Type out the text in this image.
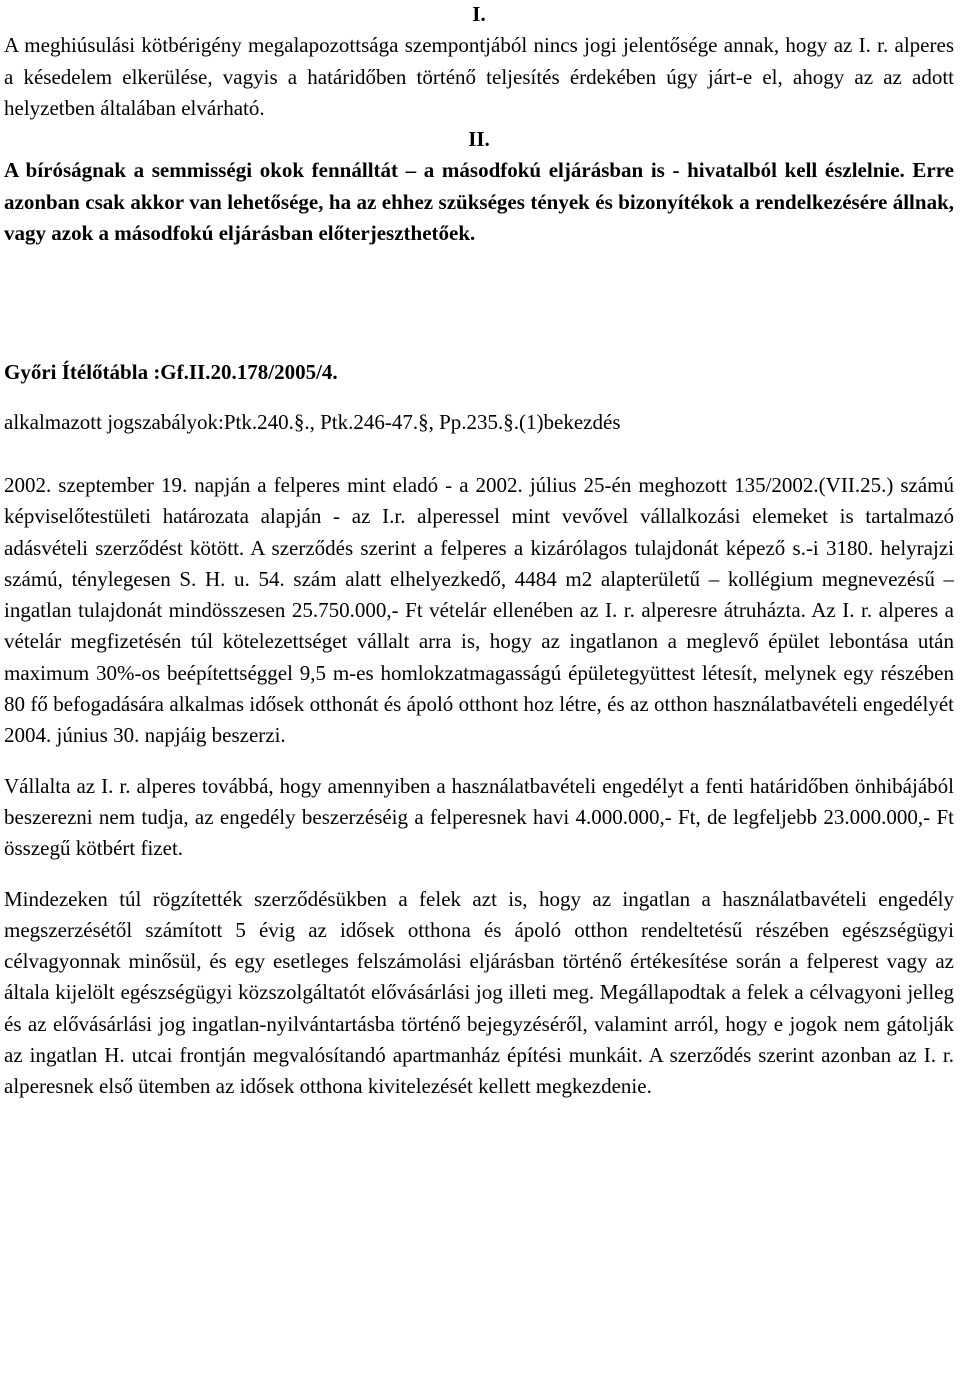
I.

A meghiúsulási kötbérigény megalapozottsága szempontjából nincs jogi jelentősége annak, hogy az I. r. alperes a késedelem elkerülése, vagyis a határidőben történő teljesítés érdekében úgy járt-e el, ahogy az az adott helyzetben általában elvárható.

II.

A bíróságnak a semmisségi okok fennálltát – a másodfokú eljárásban is - hivatalból kell észlelnie. Erre azonban csak akkor van lehetősége, ha az ehhez szükséges tények és bizonyítékok a rendelkezésére állnak, vagy azok a másodfokú eljárásban előterjeszthetőek.

Győri Ítélőtábla :Gf.II.20.178/2005/4.

alkalmazott jogszabályok:Ptk.240.§., Ptk.246-47.§, Pp.235.§.(1)bekezdés

2002. szeptember 19. napján a felperes mint eladó - a 2002. július 25-én meghozott 135/2002.(VII.25.) számú képviselőtestületi határozata alapján - az I.r. alperessel mint vevővel vállalkozási elemeket is tartalmazó adásvételi szerződést kötött. A szerződés szerint a felperes a kizárólagos tulajdonát képező s.-i 3180. helyrajzi számú, ténylegesen S. H. u. 54. szám alatt elhelyezkedő, 4484 m2 alapterületű – kollégium megnevezésű – ingatlan tulajdonát mindösszesen 25.750.000,- Ft vételár ellenében az I. r. alperesre átruházta. Az I. r. alperes a vételár megfizetésén túl kötelezettséget vállalt arra is, hogy az ingatlanon a meglevő épület lebontása után maximum 30%-os beépítettséggel 9,5 m-es homlokzatmagasságú épületegyüttest létesít, melynek egy részében 80 fő befogadására alkalmas idősek otthonát és ápoló otthont hoz létre, és az otthon használatbavételi engedélyét 2004. június 30. napjáig beszerzi.

Vállalta az I. r. alperes továbbá, hogy amennyiben a használatbavételi engedélyt a fenti határidőben önhibájából beszerezni nem tudja, az engedély beszerzéséig a felperesnek havi 4.000.000,- Ft, de legfeljebb 23.000.000,- Ft összegű kötbért fizet.

Mindezeken túl rögzítették szerződésükben a felek azt is, hogy az ingatlan a használatbavételi engedély megszerzésétől számított 5 évig az idősek otthona és ápoló otthon rendeltetésű részében egészségügyi célvagyonnak minősül, és egy esetleges felszámolási eljárásban történő értékesítése során a felperest vagy az általa kijelölt egészségügyi közszolgáltatót elővásárlási jog illeti meg. Megállapodtak a felek a célvagyoni jelleg és az elővásárlási jog ingatlan-nyilvántartásba történő bejegyzéséről, valamint arról, hogy e jogok nem gátolják az ingatlan H. utcai frontján megvalósítandó apartmanház építési munkáit. A szerződés szerint azonban az I. r. alperesnek első ütemben az idősek otthona kivitelezését kellett megkezdenie.
